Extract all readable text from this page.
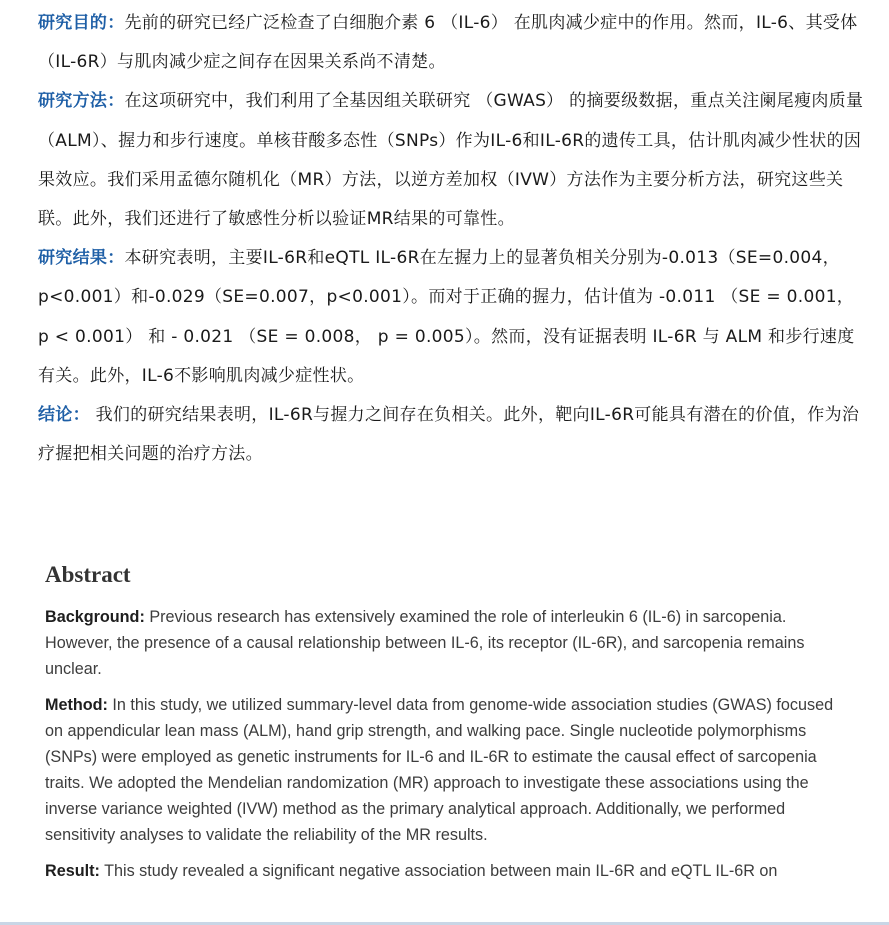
研究目的：先前的研究已经广泛检查了白细胞介素 6 （IL-6） 在肌肉减少症中的作用。然而，IL-6、其受体（IL-6R）与肌肉减少症之间存在因果关系尚不清楚。

研究方法：在这项研究中，我们利用了全基因组关联研究 （GWAS） 的摘要级数据，重点关注阑尾瘦肉质量 （ALM）、握力和步行速度。单核苷酸多态性（SNPs）作为IL-6和IL-6R的遗传工具，估计肌肉减少性状的因果效应。我们采用孟德尔随机化（MR）方法，以逆方差加权（IVW）方法作为主要分析方法，研究这些关联。此外，我们还进行了敏感性分析以验证MR结果的可靠性。

研究结果：本研究表明，主要IL-6R和eQTL IL-6R在左握力上的显著负相关分别为-0.013（SE=0.004，p<0.001）和-0.029（SE=0.007，p<0.001）。而对于正确的握力，估计值为 -0.011 （SE = 0.001， p < 0.001） 和 - 0.021 （SE = 0.008， p = 0.005）。然而，没有证据表明 IL-6R 与 ALM 和步行速度有关。此外，IL-6不影响肌肉减少症性状。

结论： 我们的研究结果表明，IL-6R与握力之间存在负相关。此外，靶向IL-6R可能具有潜在的价值，作为治疗握把相关问题的治疗方法。

Abstract

Background: Previous research has extensively examined the role of interleukin 6 (IL-6) in sarcopenia. However, the presence of a causal relationship between IL-6, its receptor (IL-6R), and sarcopenia remains unclear.

Method: In this study, we utilized summary-level data from genome-wide association studies (GWAS) focused on appendicular lean mass (ALM), hand grip strength, and walking pace. Single nucleotide polymorphisms (SNPs) were employed as genetic instruments for IL-6 and IL-6R to estimate the causal effect of sarcopenia traits. We adopted the Mendelian randomization (MR) approach to investigate these associations using the inverse variance weighted (IVW) method as the primary analytical approach. Additionally, we performed sensitivity analyses to validate the reliability of the MR results.

Result: This study revealed a significant negative association between main IL-6R and eQTL IL-6R on
